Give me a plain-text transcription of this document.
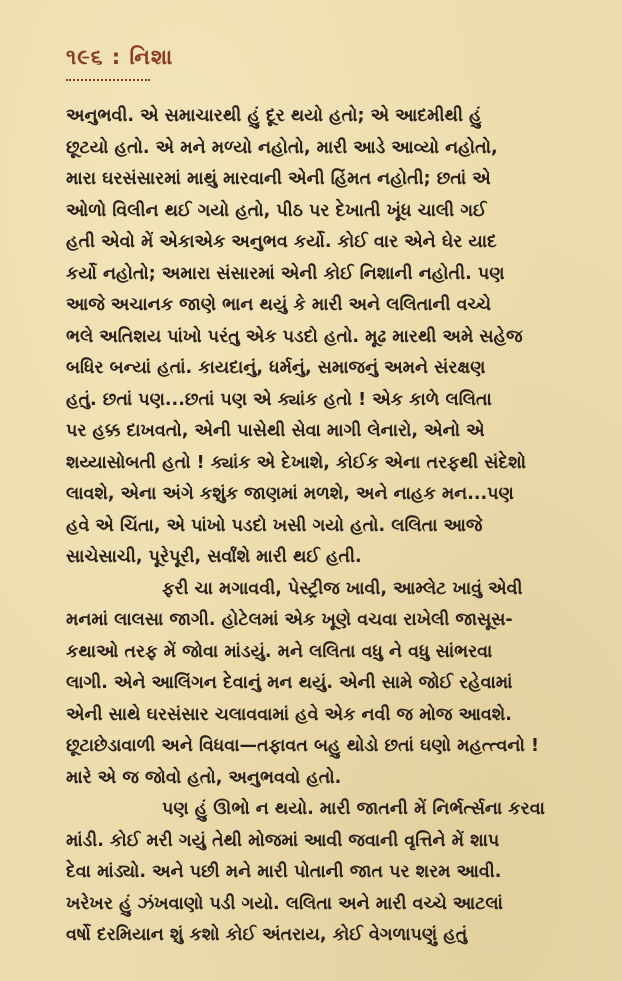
૧૯૬ : નિશા
અનુભવી. એ સમાચારથી હું દૂર થયો હતો; એ આદમીથી હું
છૂટયો હતો. એ મને મળ્યો નહોતો, મારી આડે આવ્યો નહોતો,
મારા ઘરસંસારમાં માથું મારવાની એની હિંમત નહોતી; છતાં એ
ઓળો વિલીન થઈ ગયો હતો, પીઠ પર દેખાતી ખૂંધ ચાલી ગઈ
હતી એવો મેં એકાએક અનુભવ કર્યો. કોઈ વાર એને ઘેર યાદ
કર્યો નહોતો; અમારા સંસારમાં એની કોઈ નિશાની નહોતી. પણ
આજે અચાનક જાણે ભાન થયું કે મારી અને લલિતાની વચ્ચે
ભલે અતિશય પાંખો પરંતુ એક પડદો હતો. મૂઢ મારથી અમે સહેજ
બધિર બન્યાં હતાં. કાયદાનું, ધર્મનું, સમાજનું અમને સંરક્ષણ
હતું. છતાં પણ...છતાં પણ એ ક્યાંક હતો ! એક કાળે લલિતા
પર હક્ક દાખવતો, એની પાસેથી સેવા માગી લેનારો, એનો એ
શય્યાસોબતી હતો ! ક્યાંક એ દેખાશે, કોઈક એના તરફથી સંદેશો
લાવશે, એના અંગે કશુંક જાણમાં મળશે, અને નાહક મન...પણ
હવે એ ચિંતા, એ પાંખો પડદો ખસી ગયો હતો. લલિતા આજે
સાચેસાચી, પૂરેપૂરી, સર્વાંશે મારી થઈ હતી.
ફરી ચા મગાવવી, પેસ્ટ્રીજ ખાવી, આમ્લેટ ખાવું એવી
મનમાં લાલસા જાગી. હોટેલમાં એક ખૂણે વચવા રાખેલી જાસૂસ-
કથાઓ તરફ મેં જોવા માંડયું. મને લલિતા વધુ ને વધુ સાંભરવા
લાગી. એને આલિંગન દેવાનું મન થયું. એની સામે જોઈ રહેવામાં
એની સાથે ઘરસંસાર ચલાવવામાં હવે એક નવી જ મોજ આવશે.
છૂટાછેડાવાળી અને વિધવા—તફાવત બહુ થોડો છતાં ઘણો મહત્ત્વનો !
મારે એ જ જોવો હતો, અનુભવવો હતો.
પણ હું ઊભો ન થયો. મારી જાતની મેં નિર્ભર્ત્સના કરવા
માંડી. કોઈ મરી ગયું તેથી મોજમાં આવી જવાની વૃત્તિને મેં શાપ
દેવા માંડ્યો. અને પછી મને મારી પોતાની જાત પર શરમ આવી.
ખરેખર હું ઝંખવાણો પડી ગયો. લલિતા અને મારી વચ્ચે આટલાં
વર્ષો દરમિયાન શું કશો કોઈ અંતરાય, કોઈ વેગળાપણું હતું
